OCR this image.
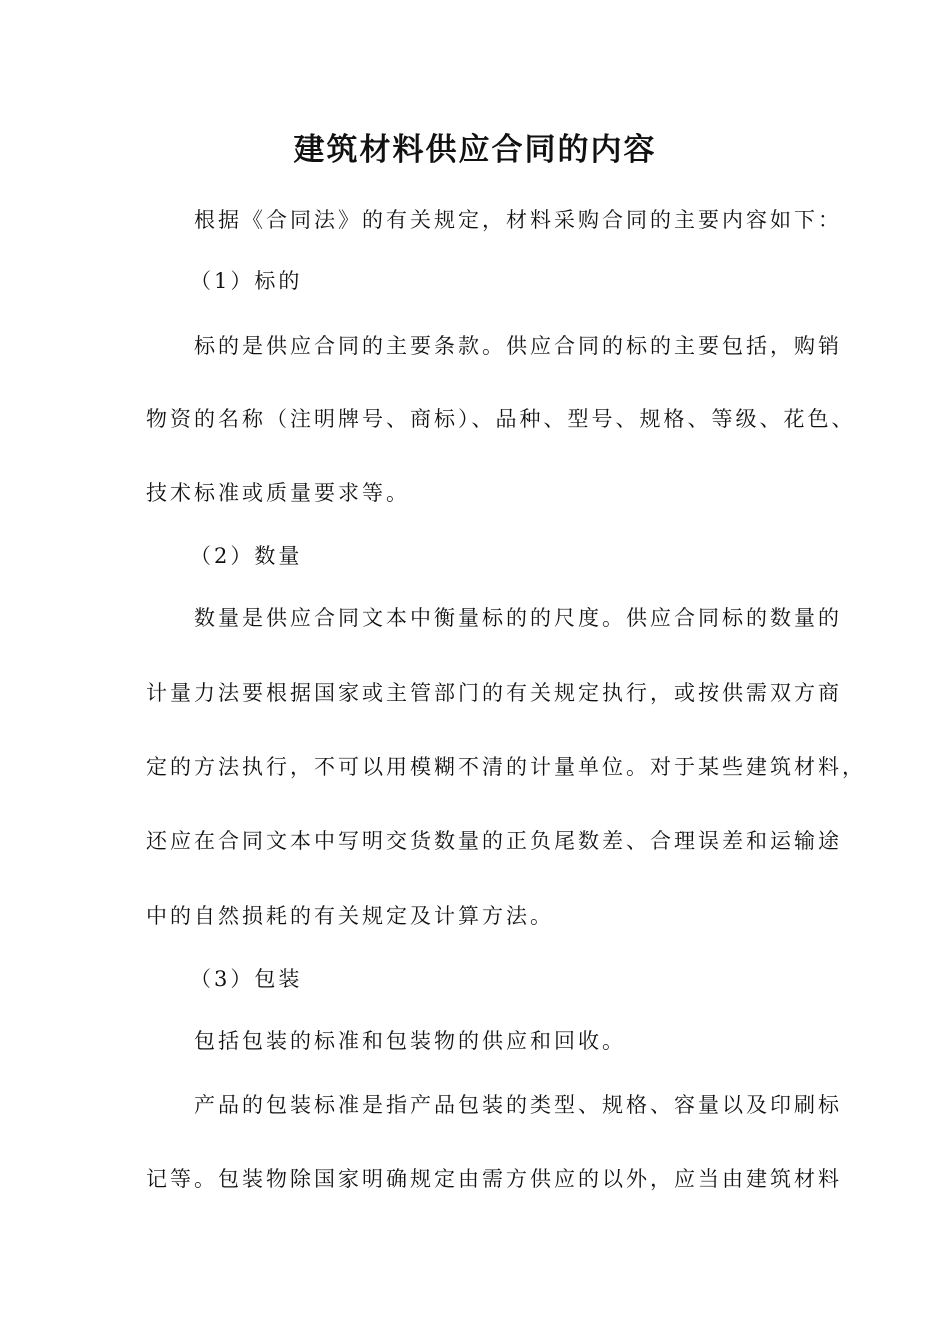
建筑材料供应合同的内容
根据《合同法》的有关规定，材料采购合同的主要内容如下：
（1）标的
标的是供应合同的主要条款。供应合同的标的主要包括，购销
物资的名称（注明牌号、商标）、品种、型号、规格、等级、花色、
技术标准或质量要求等。
（2）数量
数量是供应合同文本中衡量标的的尺度。供应合同标的数量的
计量力法要根据国家或主管部门的有关规定执行，或按供需双方商
定的方法执行，不可以用模糊不清的计量单位。对于某些建筑材料，
还应在合同文本中写明交货数量的正负尾数差、合理误差和运输途
中的自然损耗的有关规定及计算方法。
（3）包装
包括包装的标准和包装物的供应和回收。
产品的包装标准是指产品包装的类型、规格、容量以及印刷标
记等。包装物除国家明确规定由需方供应的以外，应当由建筑材料
